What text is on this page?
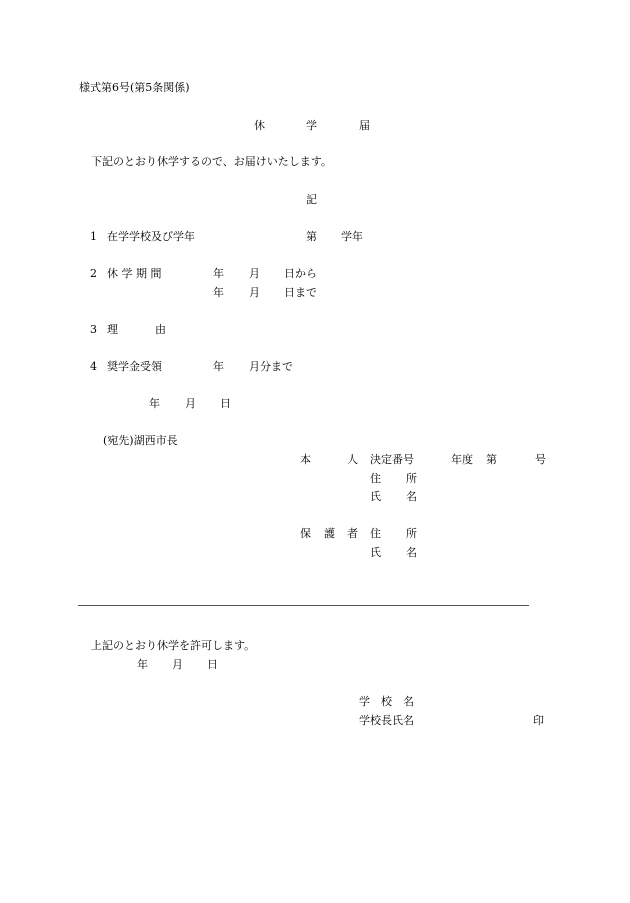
様式第6号(第5条関係)
休	学	届
下記のとおり休学するので、お届けいたします。
記
1 在学学校及び学年	第 学年
2 休 学 期 間	年 月 日から
年 月 日まで
3 理	由
4 奨学金受領	年 月分まで
年 月 日
(宛先)湖西市長
本	人 決定番号	年度 第	号
住 所
氏 名
保 護 者 住 所
氏 名
上記のとおり休学を許可します。
年 月 日
学　校　名
学校長氏名	印
